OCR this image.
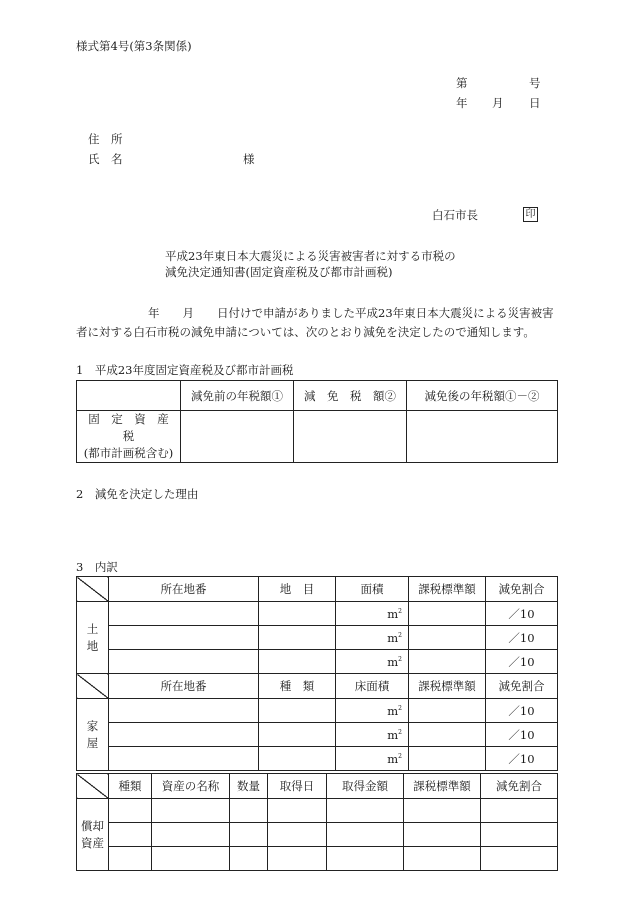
様式第4号(第3条関係)
第	号
年 月 日
住　所
氏　名	様
白石市長	印
平成23年東日本大震災による災害被害者に対する市税の
減免決定通知書(固定資産税及び都市計画税)
年　　月　　日付けで申請がありました平成23年東日本大震災による災害被害
者に対する白石市税の減免申請については、次のとおり減免を決定したので通知します。
1　平成23年度固定資産税及び都市計画税
	減免前の年税額①	減　免　税　額②	減免後の年税額①－②

固　定　資　産　税
(都市計画税含む)			

2　減免を決定した理由
3　内訳
	所在地番	地　目	面積	課税標準額	減免割合

土
地			$m^2$		／10
			$m^2$		／10
			$m^2$		／10
	所在地番	種　類	床面積	課税標準額	減免割合

家
屋			$m^2$		／10
			$m^2$		／10
			$m^2$		／10
	種類	資産の名称	数量	取得日	取得金額	課税標準額	減免割合

償却
資産							
